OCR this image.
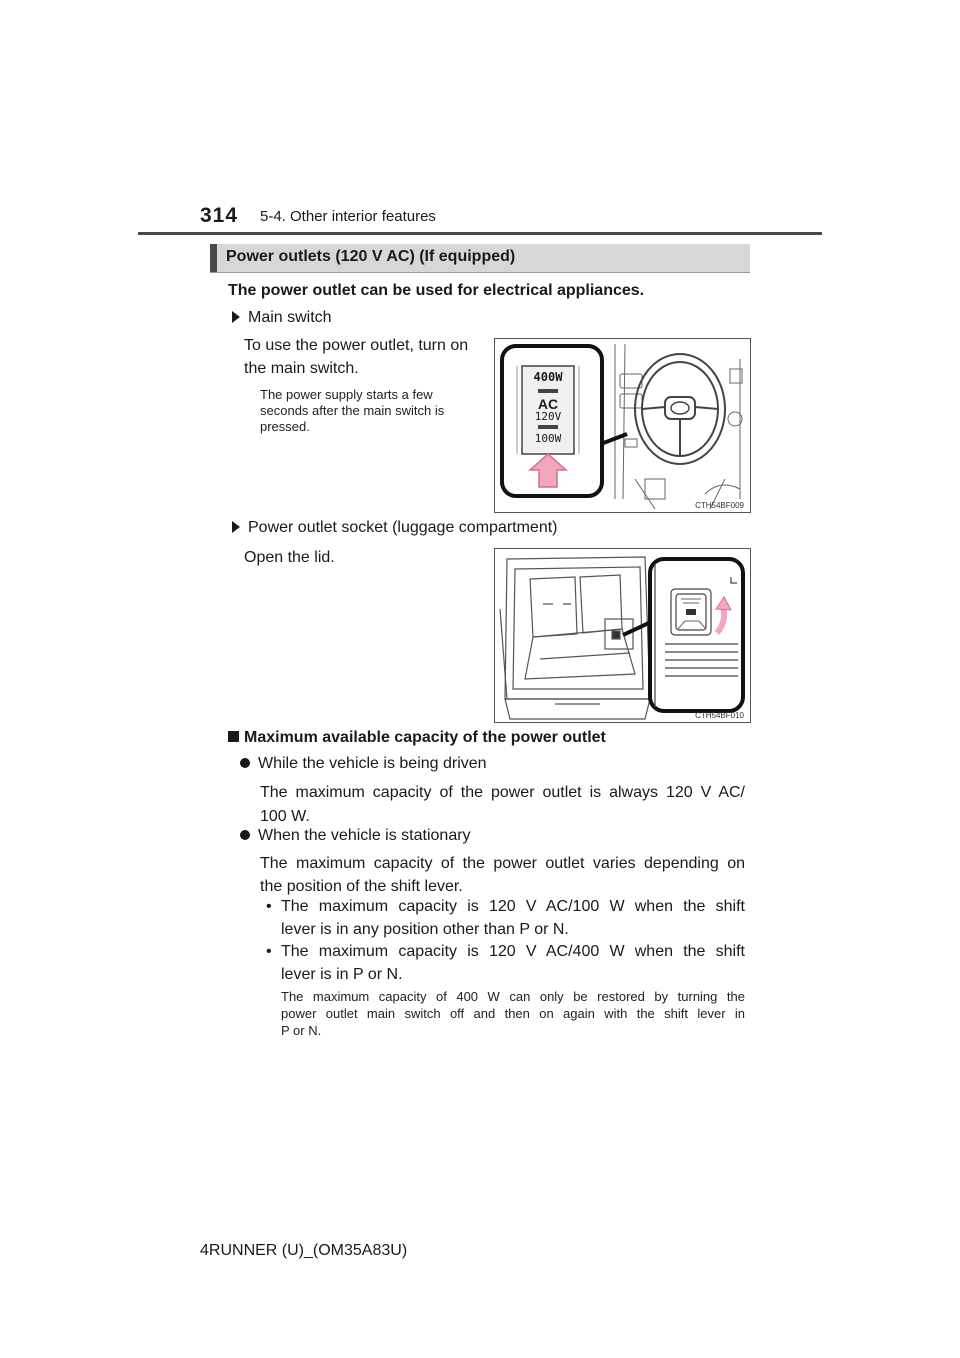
314 5-4. Other interior features
Power outlets (120 V AC) (If equipped)
The power outlet can be used for electrical appliances.
Main switch
To use the power outlet, turn on
the main switch.
The power supply starts a few
seconds after the main switch is
pressed.
400W
AC
120V
100W
CTH54BF009
Power outlet socket (luggage compartment)
Open the lid.
CTH54BF010
Maximum available capacity of the power outlet
While the vehicle is being driven
The maximum capacity of the power outlet is always 120 V AC/
100 W.
When the vehicle is stationary
The maximum capacity of the power outlet varies depending on
the position of the shift lever.
• The maximum capacity is 120 V AC/100 W when the shift
lever is in any position other than P or N.
• The maximum capacity is 120 V AC/400 W when the shift
lever is in P or N.
The maximum capacity of 400 W can only be restored by turning the
power outlet main switch off and then on again with the shift lever in
P or N.
4RUNNER (U)_(OM35A83U)
